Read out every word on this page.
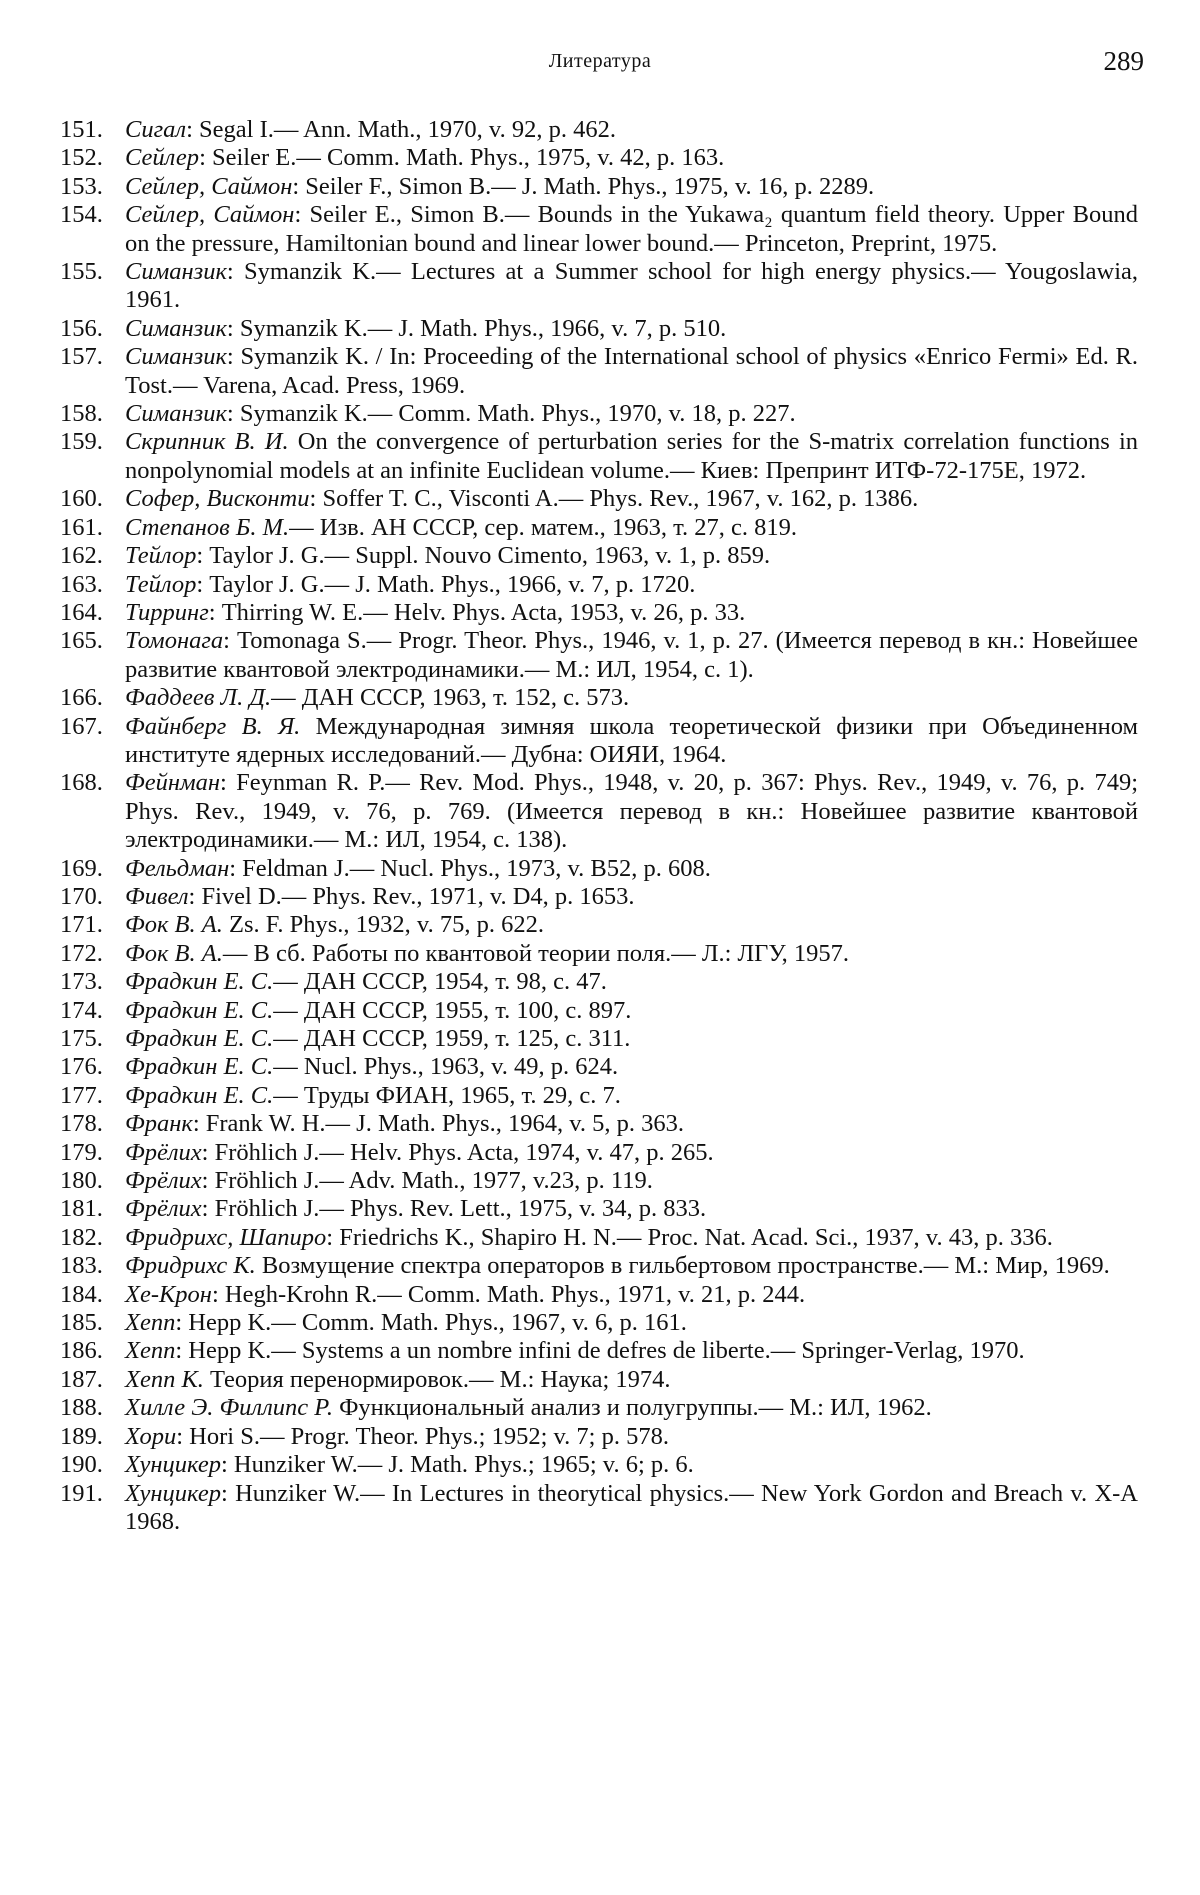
Литература	289
151. Сигал: Segal I.— Ann. Math., 1970, v. 92, p. 462.
152. Сейлер: Seiler E.— Comm. Math. Phys., 1975, v. 42, p. 163.
153. Сейлер, Саймон: Seiler F., Simon B.— J. Math. Phys., 1975, v. 16, p. 2289.
154. Сейлер, Саймон: Seiler E., Simon B.— Bounds in the Yukawa₂ quantum field theory. Upper Bound on the pressure, Hamiltonian bound and linear lower bound.— Princeton, Preprint, 1975.
155. Симанзик: Symanzik K.— Lectures at a Summer school for high energy physics.— Yougoslawia, 1961.
156. Симанзик: Symanzik K.— J. Math. Phys., 1966, v. 7, p. 510.
157. Симанзик: Symanzik K. / In: Proceeding of the International school of physics «Enrico Fermi» Ed. R. Tost.— Varena, Acad. Press, 1969.
158. Симанзик: Symanzik K.— Comm. Math. Phys., 1970, v. 18, p. 227.
159. Скрипник В. И. On the convergence of perturbation series for the S-matrix correlation functions in nonpolynomial models at an infinite Euclidean volume.— Киев: Препринт ИТФ-72-175Е, 1972.
160. Софер, Висконти: Soffer T. C., Visconti A.— Phys. Rev., 1967, v. 162, p. 1386.
161. Степанов Б. М.— Изв. АН СССР, сер. матем., 1963, т. 27, с. 819.
162. Тейлор: Taylor J. G.— Suppl. Nouvo Cimento, 1963, v. 1, p. 859.
163. Тейлор: Taylor J. G.— J. Math. Phys., 1966, v. 7, p. 1720.
164. Тирринг: Thirring W. E.— Helv. Phys. Acta, 1953, v. 26, p. 33.
165. Томонага: Tomonaga S.— Progr. Theor. Phys., 1946, v. 1, p. 27. (Имеется перевод в кн.: Новейшее развитие квантовой электродинамики.— М.: ИЛ, 1954, с. 1).
166. Фаддеев Л. Д.— ДАН СССР, 1963, т. 152, с. 573.
167. Файнберг В. Я. Международная зимняя школа теоретической физики при Объединенном институте ядерных исследований.— Дубна: ОИЯИ, 1964.
168. Фейнман: Feynman R. P.— Rev. Mod. Phys., 1948, v. 20, p. 367: Phys. Rev., 1949, v. 76, p. 749; Phys. Rev., 1949, v. 76, p. 769. (Имеется перевод в кн.: Новейшее развитие квантовой электродинамики.— М.: ИЛ, 1954, с. 138).
169. Фельдман: Feldman J.— Nucl. Phys., 1973, v. B52, p. 608.
170. Фивел: Fivel D.— Phys. Rev., 1971, v. D4, p. 1653.
171. Фок В. А. Zs. F. Phys., 1932, v. 75, p. 622.
172. Фок В. А.— В сб. Работы по квантовой теории поля.— Л.: ЛГУ, 1957.
173. Фрадкин Е. С.— ДАН СССР, 1954, т. 98, с. 47.
174. Фрадкин Е. С.— ДАН СССР, 1955, т. 100, с. 897.
175. Фрадкин Е. С.— ДАН СССР, 1959, т. 125, с. 311.
176. Фрадкин Е. С.— Nucl. Phys., 1963, v. 49, p. 624.
177. Фрадкин Е. С.— Труды ФИАН, 1965, т. 29, с. 7.
178. Франк: Frank W. H.— J. Math. Phys., 1964, v. 5, p. 363.
179. Фрёлих: Fröhlich J.— Helv. Phys. Acta, 1974, v. 47, p. 265.
180. Фрёлих: Fröhlich J.— Adv. Math., 1977, v.23, p. 119.
181. Фрёлих: Fröhlich J.— Phys. Rev. Lett., 1975, v. 34, p. 833.
182. Фридрихс, Шапиро: Friedrichs K., Shapiro H. N.— Proc. Nat. Acad. Sci., 1937, v. 43, p. 336.
183. Фридрихс К. Возмущение спектра операторов в гильбертовом пространстве.— М.: Мир, 1969.
184. Хе-Крон: Hegh-Krohn R.— Comm. Math. Phys., 1971, v. 21, p. 244.
185. Хепп: Hepp K.— Comm. Math. Phys., 1967, v. 6, p. 161.
186. Хепп: Hepp K.— Systems a un nombre infini de defres de liberte.— Springer-Verlag, 1970.
187. Хепп К. Теория перенормировок.— М.: Наука; 1974.
188. Хилле Э. Филлипс Р. Функциональный анализ и полугруппы.— М.: ИЛ, 1962.
189. Хори: Hori S.— Progr. Theor. Phys.; 1952; v. 7; p. 578.
190. Хунцикер: Hunziker W.— J. Math. Phys.; 1965; v. 6; p. 6.
191. Хунцикер: Hunziker W.— In Lectures in theorytical physics.— New York Gordon and Breach v. X-A 1968.
